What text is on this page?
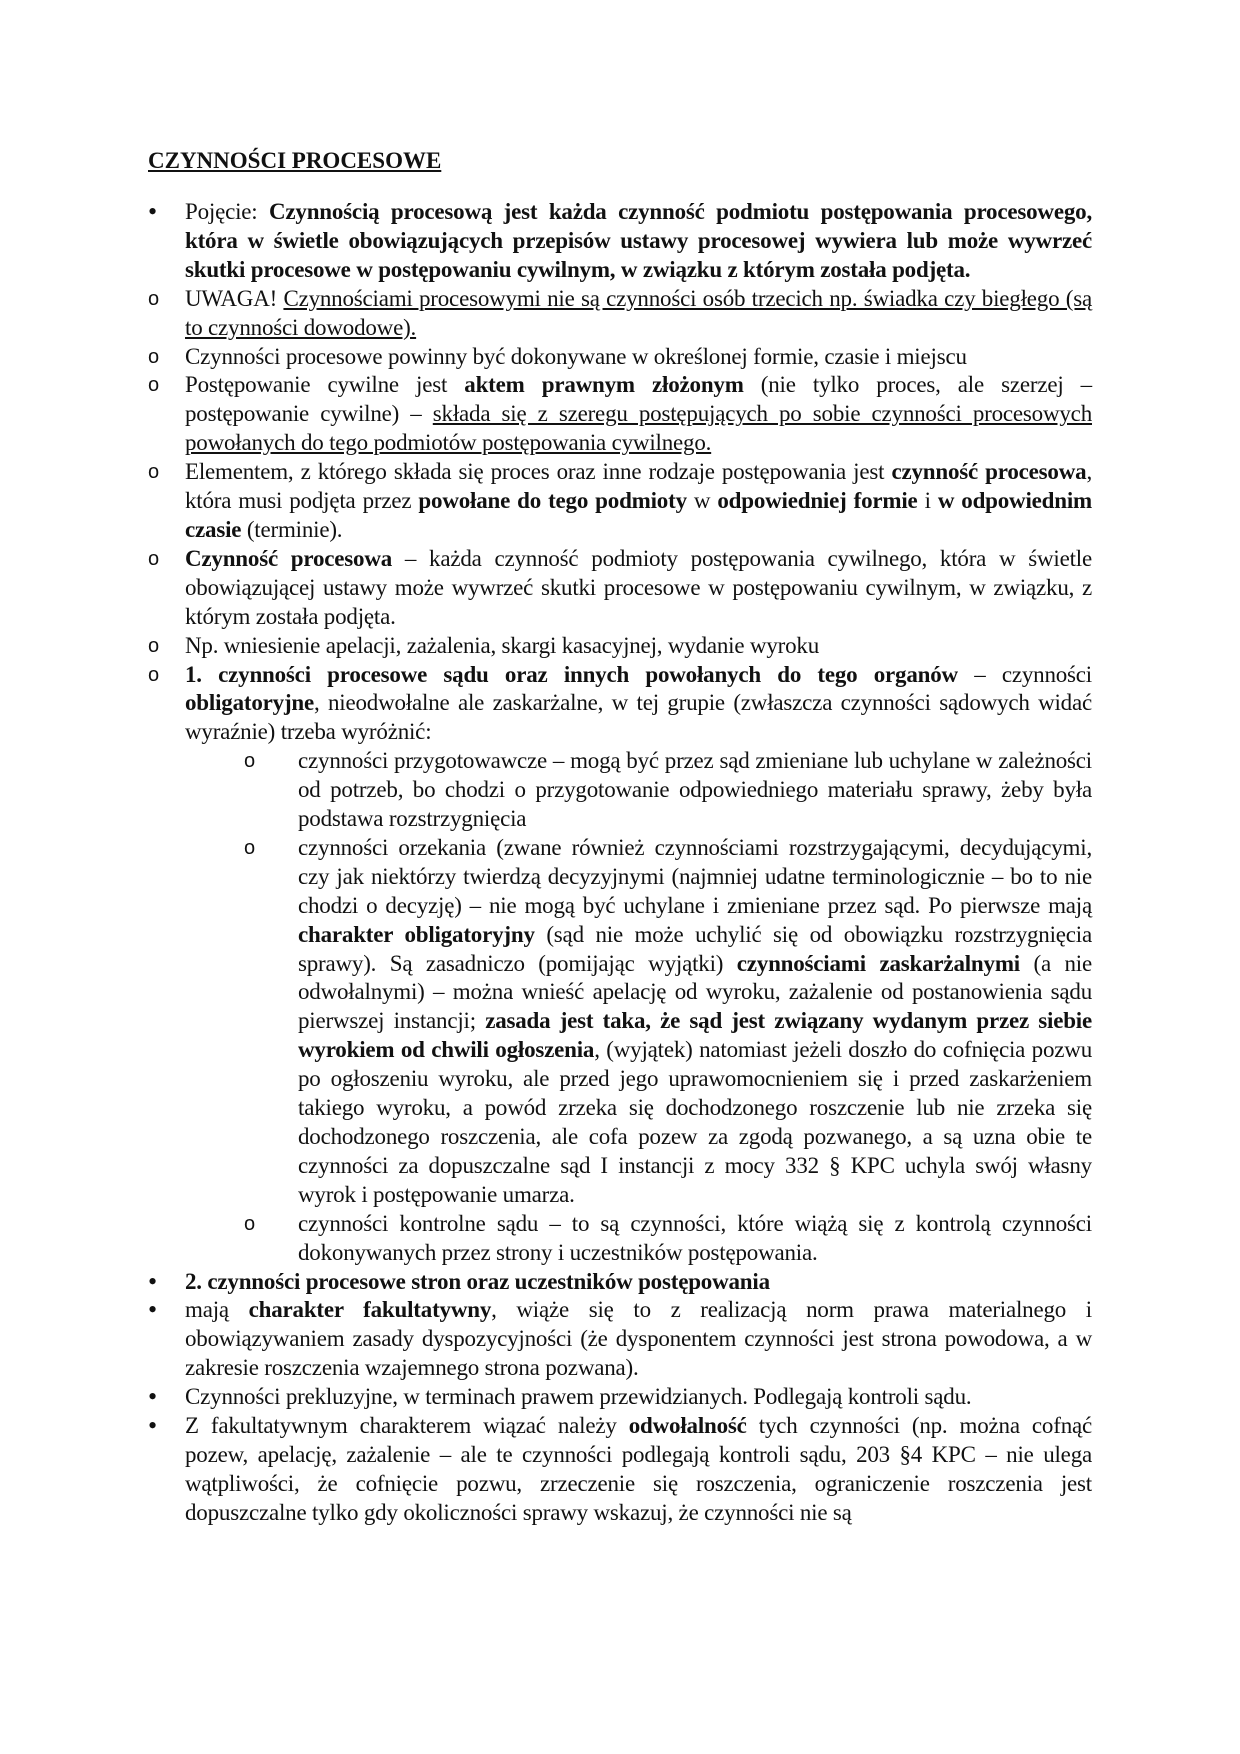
CZYNNOŚCI PROCESOWE
•	Pojęcie: Czynnością procesową jest każda czynność podmiotu postępowania procesowego, która w świetle obowiązujących przepisów ustawy procesowej wywiera lub może wywrzeć skutki procesowe w postępowaniu cywilnym, w związku z którym została podjęta.
o	UWAGA! Czynnościami procesowymi nie są czynności osób trzecich np. świadka czy biegłego (są to czynności dowodowe).
o	Czynności procesowe powinny być dokonywane w określonej formie, czasie i miejscu
o	Postępowanie cywilne jest aktem prawnym złożonym (nie tylko proces, ale szerzej – postępowanie cywilne) – składa się z szeregu postępujących po sobie czynności procesowych powołanych do tego podmiotów postępowania cywilnego.
o	Elementem, z którego składa się proces oraz inne rodzaje postępowania jest czynność procesowa, która musi podjęta przez powołane do tego podmioty w odpowiedniej formie i w odpowiednim czasie (terminie).
o	Czynność procesowa – każda czynność podmioty postępowania cywilnego, która w świetle obowiązującej ustawy może wywrzeć skutki procesowe w postępowaniu cywilnym, w związku, z którym została podjęta.
o	Np. wniesienie apelacji, zażalenia, skargi kasacyjnej, wydanie wyroku
o	1. czynności procesowe sądu oraz innych powołanych do tego organów – czynności obligatoryjne, nieodwołalne ale zaskarżalne, w tej grupie (zwłaszcza czynności sądowych widać wyraźnie) trzeba wyróżnić:
o	czynności przygotowawcze – mogą być przez sąd zmieniane lub uchylane w zależności od potrzeb, bo chodzi o przygotowanie odpowiedniego materiału sprawy, żeby była podstawa rozstrzygnięcia
o	czynności orzekania (zwane również czynnościami rozstrzygającymi, decydującymi, czy jak niektórzy twierdzą decyzyjnymi (najmniej udatne terminologicznie – bo to nie chodzi o decyzję) – nie mogą być uchylane i zmieniane przez sąd. Po pierwsze mają charakter obligatoryjny (sąd nie może uchylić się od obowiązku rozstrzygnięcia sprawy). Są zasadniczo (pomijając wyjątki) czynnościami zaskarżalnymi (a nie odwołalnymi) – można wnieść apelację od wyroku, zażalenie od postanowienia sądu pierwszej instancji; zasada jest taka, że sąd jest związany wydanym przez siebie wyrokiem od chwili ogłoszenia, (wyjątek) natomiast jeżeli doszło do cofnięcia pozwu po ogłoszeniu wyroku, ale przed jego uprawomocnieniem się i przed zaskarżeniem takiego wyroku, a powód zrzeka się dochodzonego roszczenie lub nie zrzeka się dochodzonego roszczenia, ale cofa pozew za zgodą pozwanego, a są uzna obie te czynności za dopuszczalne sąd I instancji z mocy 332 § KPC uchyla swój własny wyrok i postępowanie umarza.
o	czynności kontrolne sądu – to są czynności, które wiążą się z kontrolą czynności dokonywanych przez strony i uczestników postępowania.
•	2. czynności procesowe stron oraz uczestników postępowania
•	mają charakter fakultatywny, wiąże się to z realizacją norm prawa materialnego i obowiązywaniem zasady dyspozycyjności (że dysponentem czynności jest strona powodowa, a w zakresie roszczenia wzajemnego strona pozwana).
•	Czynności prekluzyjne, w terminach prawem przewidzianych. Podlegają kontroli sądu.
•	Z fakultatywnym charakterem wiązać należy odwołalność tych czynności (np. można cofnąć pozew, apelację, zażalenie – ale te czynności podlegają kontroli sądu, 203 §4 KPC – nie ulega wątpliwości, że cofnięcie pozwu, zrzeczenie się roszczenia, ograniczenie roszczenia jest dopuszczalne tylko gdy okoliczności sprawy wskazuj, że czynności nie są
